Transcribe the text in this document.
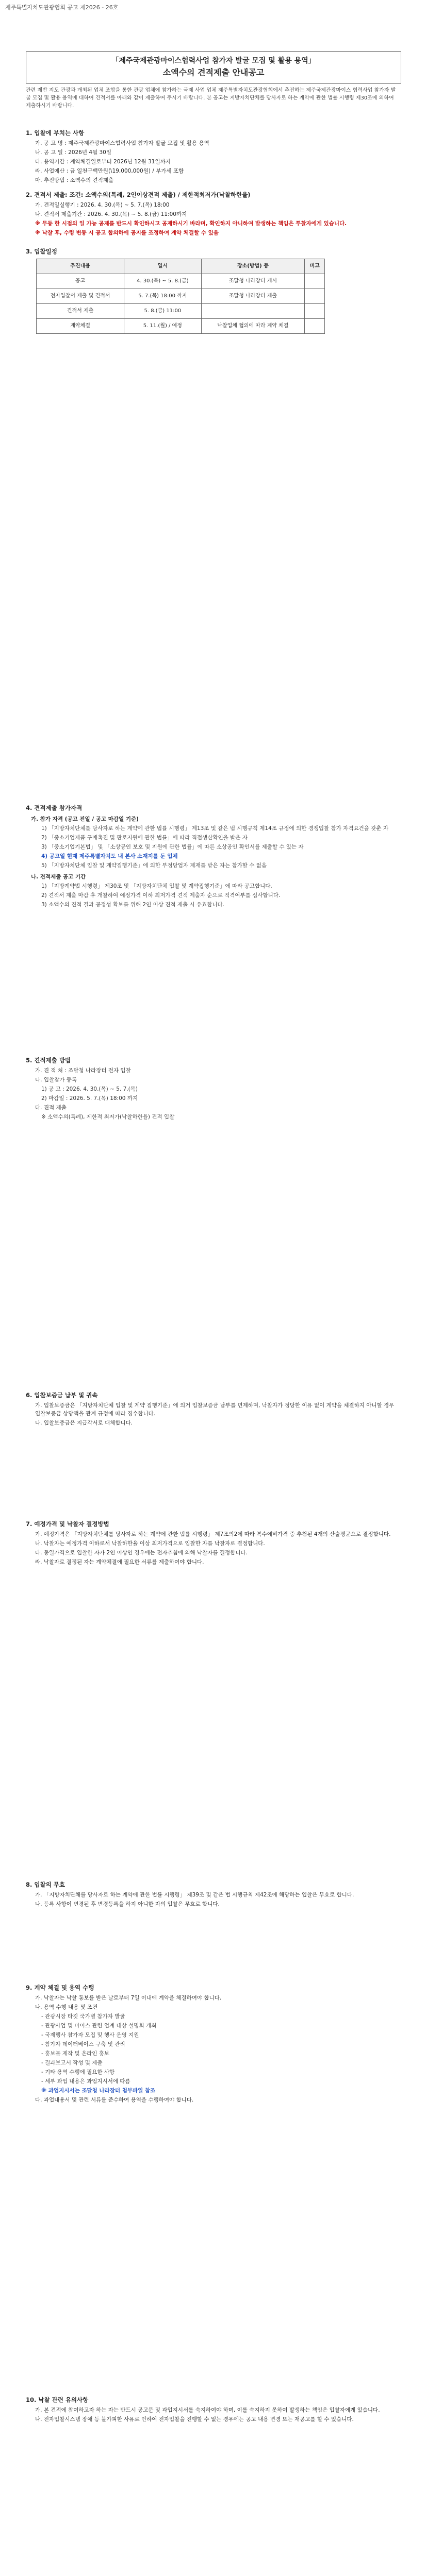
제주특별자치도관광협회 공고 제2026 - 26호
「제주국제관광마이스협력사업 참가자 발굴 모집 및 활용 용역」
소액수의 견적제출 안내공고
관련 제반 지도 관광과 개최된 업체 조합을 통한 관광 업체에 참가하는 국제 사업 업체 제주특별자치도관광협회에서 추진하는 제주국제관광마이스 협력사업 참가자 발굴 모집 및 활용 용역에 대하여 견적서를 아래와 같이 제출하여 주시기 바랍니다. 본 공고는 지방자치단체를 당사자로 하는 계약에 관한 법률 시행령 제30조에 의하여 제출하시기 바랍니다.
1. 입찰에 부치는 사항
가. 공 고 명 : 제주국제관광마이스협력사업 참가자 발굴 모집 및 활용 용역
나. 공 고 일 : 2026년 4월 30일
다. 용역기간 : 계약체결일로부터 2026년 12월 31일까지
라. 사업예산 : 금 일천구백만원(\19,000,000원) / 부가세 포함
마. 추진방법 : 소액수의 견적제출
2. 견적서 제출: 조건: 소액수의(특례, 2인이상견적 제출) / 제한적최저가(낙찰하한율)
가. 견적일실행기 : 2026. 4. 30.(목) ~ 5. 7.(목) 18:00
나. 견적서 제출기간 : 2026. 4. 30.(목) ~ 5. 8.(금) 11:00까지
※ 무등 한 시점의 일 가능 공제를 반드시 확인하시고 공제하시기 바라며, 확인하지 아니하여 발생하는 책임은 투찰자에게 있습니다.
※ 낙찰 후, 수령 변동 시 공고 합의하에 공지를 조정하여 계약 체결할 수 있음
3. 입찰일정
추진내용	일시	장소(방법) 등	비고
공고	4. 30.(목) ~ 5. 8.(금)	조달청 나라장터 게시	
전자입찰서 제출 및 견적서	5. 7.(목) 18:00 까지	조달청 나라장터 제출	
견적서 제출	5. 8.(금) 11:00		
계약체결	5. 11.(월) / 예정	낙찰업체 협의에 따라 계약 체결	
4. 견적제출 참가자격
가. 참가 자격 (공고 전일 / 공고 마감일 기준)
1) 「지방자치단체를 당사자로 하는 계약에 관한 법률 시행령」 제13조 및 같은 법 시행규칙 제14조 규정에 의한 경쟁입찰 참가 자격요건을 갖춘 자
2) 「중소기업제품 구매촉진 및 판로지원에 관한 법률」에 따라 직접생산확인을 받은 자
3) 「중소기업기본법」 및 「소상공인 보호 및 지원에 관한 법률」에 따른 소상공인 확인서를 제출할 수 있는 자
4) 공고일 현재 제주특별자치도 내 본사 소재지를 둔 업체
5) 「지방자치단체 입찰 및 계약집행기준」에 의한 부정당업자 제재를 받은 자는 참가할 수 없음
나. 견적제출 공고 기간
1) 「지방계약법 시행령」 제30조 및 「지방자치단체 입찰 및 계약집행기준」에 따라 공고합니다.
2) 견적서 제출 마감 후 개찰하여 예정가격 이하 최저가격 견적 제출자 순으로 적격여부를 심사합니다.
3) 소액수의 견적 결과 공정성 확보를 위해 2인 이상 견적 제출 시 유효합니다.
5. 견적제출 방법
가. 견 적 처 : 조달청 나라장터 전자 입찰
나. 입찰참가 등록
1) 공 고 : 2026. 4. 30.(목) ~ 5. 7.(목)
2) 마감일 : 2026. 5. 7.(목) 18:00 까지
다. 견적 제출
※ 소액수의(특례), 제한적 최저가(낙찰하한율) 견적 입찰
6. 입찰보증금 납부 및 귀속
가. 입찰보증금은 「지방자치단체 입찰 및 계약 집행기준」에 의거 입찰보증금 납부를 면제하며, 낙찰자가 정당한 이유 없이 계약을 체결하지 아니할 경우 입찰보증금 상당액을 관계 규정에 따라 징수합니다.
나. 입찰보증금은 지급각서로 대체합니다.
7. 예정가격 및 낙찰자 결정방법
가. 예정가격은 「지방자치단체를 당사자로 하는 계약에 관한 법률 시행령」 제7조의2에 따라 복수예비가격 중 추첨된 4개의 산술평균으로 결정합니다.
나. 낙찰자는 예정가격 이하로서 낙찰하한율 이상 최저가격으로 입찰한 자를 낙찰자로 결정합니다.
다. 동일가격으로 입찰한 자가 2인 이상인 경우에는 전자추첨에 의해 낙찰자를 결정합니다.
라. 낙찰자로 결정된 자는 계약체결에 필요한 서류를 제출하여야 합니다.
8. 입찰의 무효
가. 「지방자치단체를 당사자로 하는 계약에 관한 법률 시행령」 제39조 및 같은 법 시행규칙 제42조에 해당하는 입찰은 무효로 합니다.
나. 등록 사항이 변경된 후 변경등록을 하지 아니한 자의 입찰은 무효로 합니다.
9. 계약 체결 및 용역 수행
가. 낙찰자는 낙찰 통보를 받은 날로부터 7일 이내에 계약을 체결하여야 합니다.
나. 용역 수행 내용 및 조건
- 관광시장 타깃 국가별 참가자 발굴
- 관광사업 및 마이스 관련 업계 대상 설명회 개최
- 국제행사 참가자 모집 및 행사 운영 지원
- 참가자 데이터베이스 구축 및 관리
- 홍보물 제작 및 온라인 홍보
- 결과보고서 작성 및 제출
- 기타 용역 수행에 필요한 사항
- 세부 과업 내용은 과업지시서에 따름
※ 과업지시서는 조달청 나라장터 첨부파일 참조
다. 과업내용서 및 관련 서류를 준수하여 용역을 수행하여야 합니다.
10. 낙찰 관련 유의사항
가. 본 견적에 참여하고자 하는 자는 반드시 공고문 및 과업지시서를 숙지하여야 하며, 이를 숙지하지 못하여 발생하는 책임은 입찰자에게 있습니다.
나. 전자입찰시스템 장애 등 불가피한 사유로 인하여 전자입찰을 진행할 수 없는 경우에는 공고 내용 변경 또는 재공고를 할 수 있습니다.
